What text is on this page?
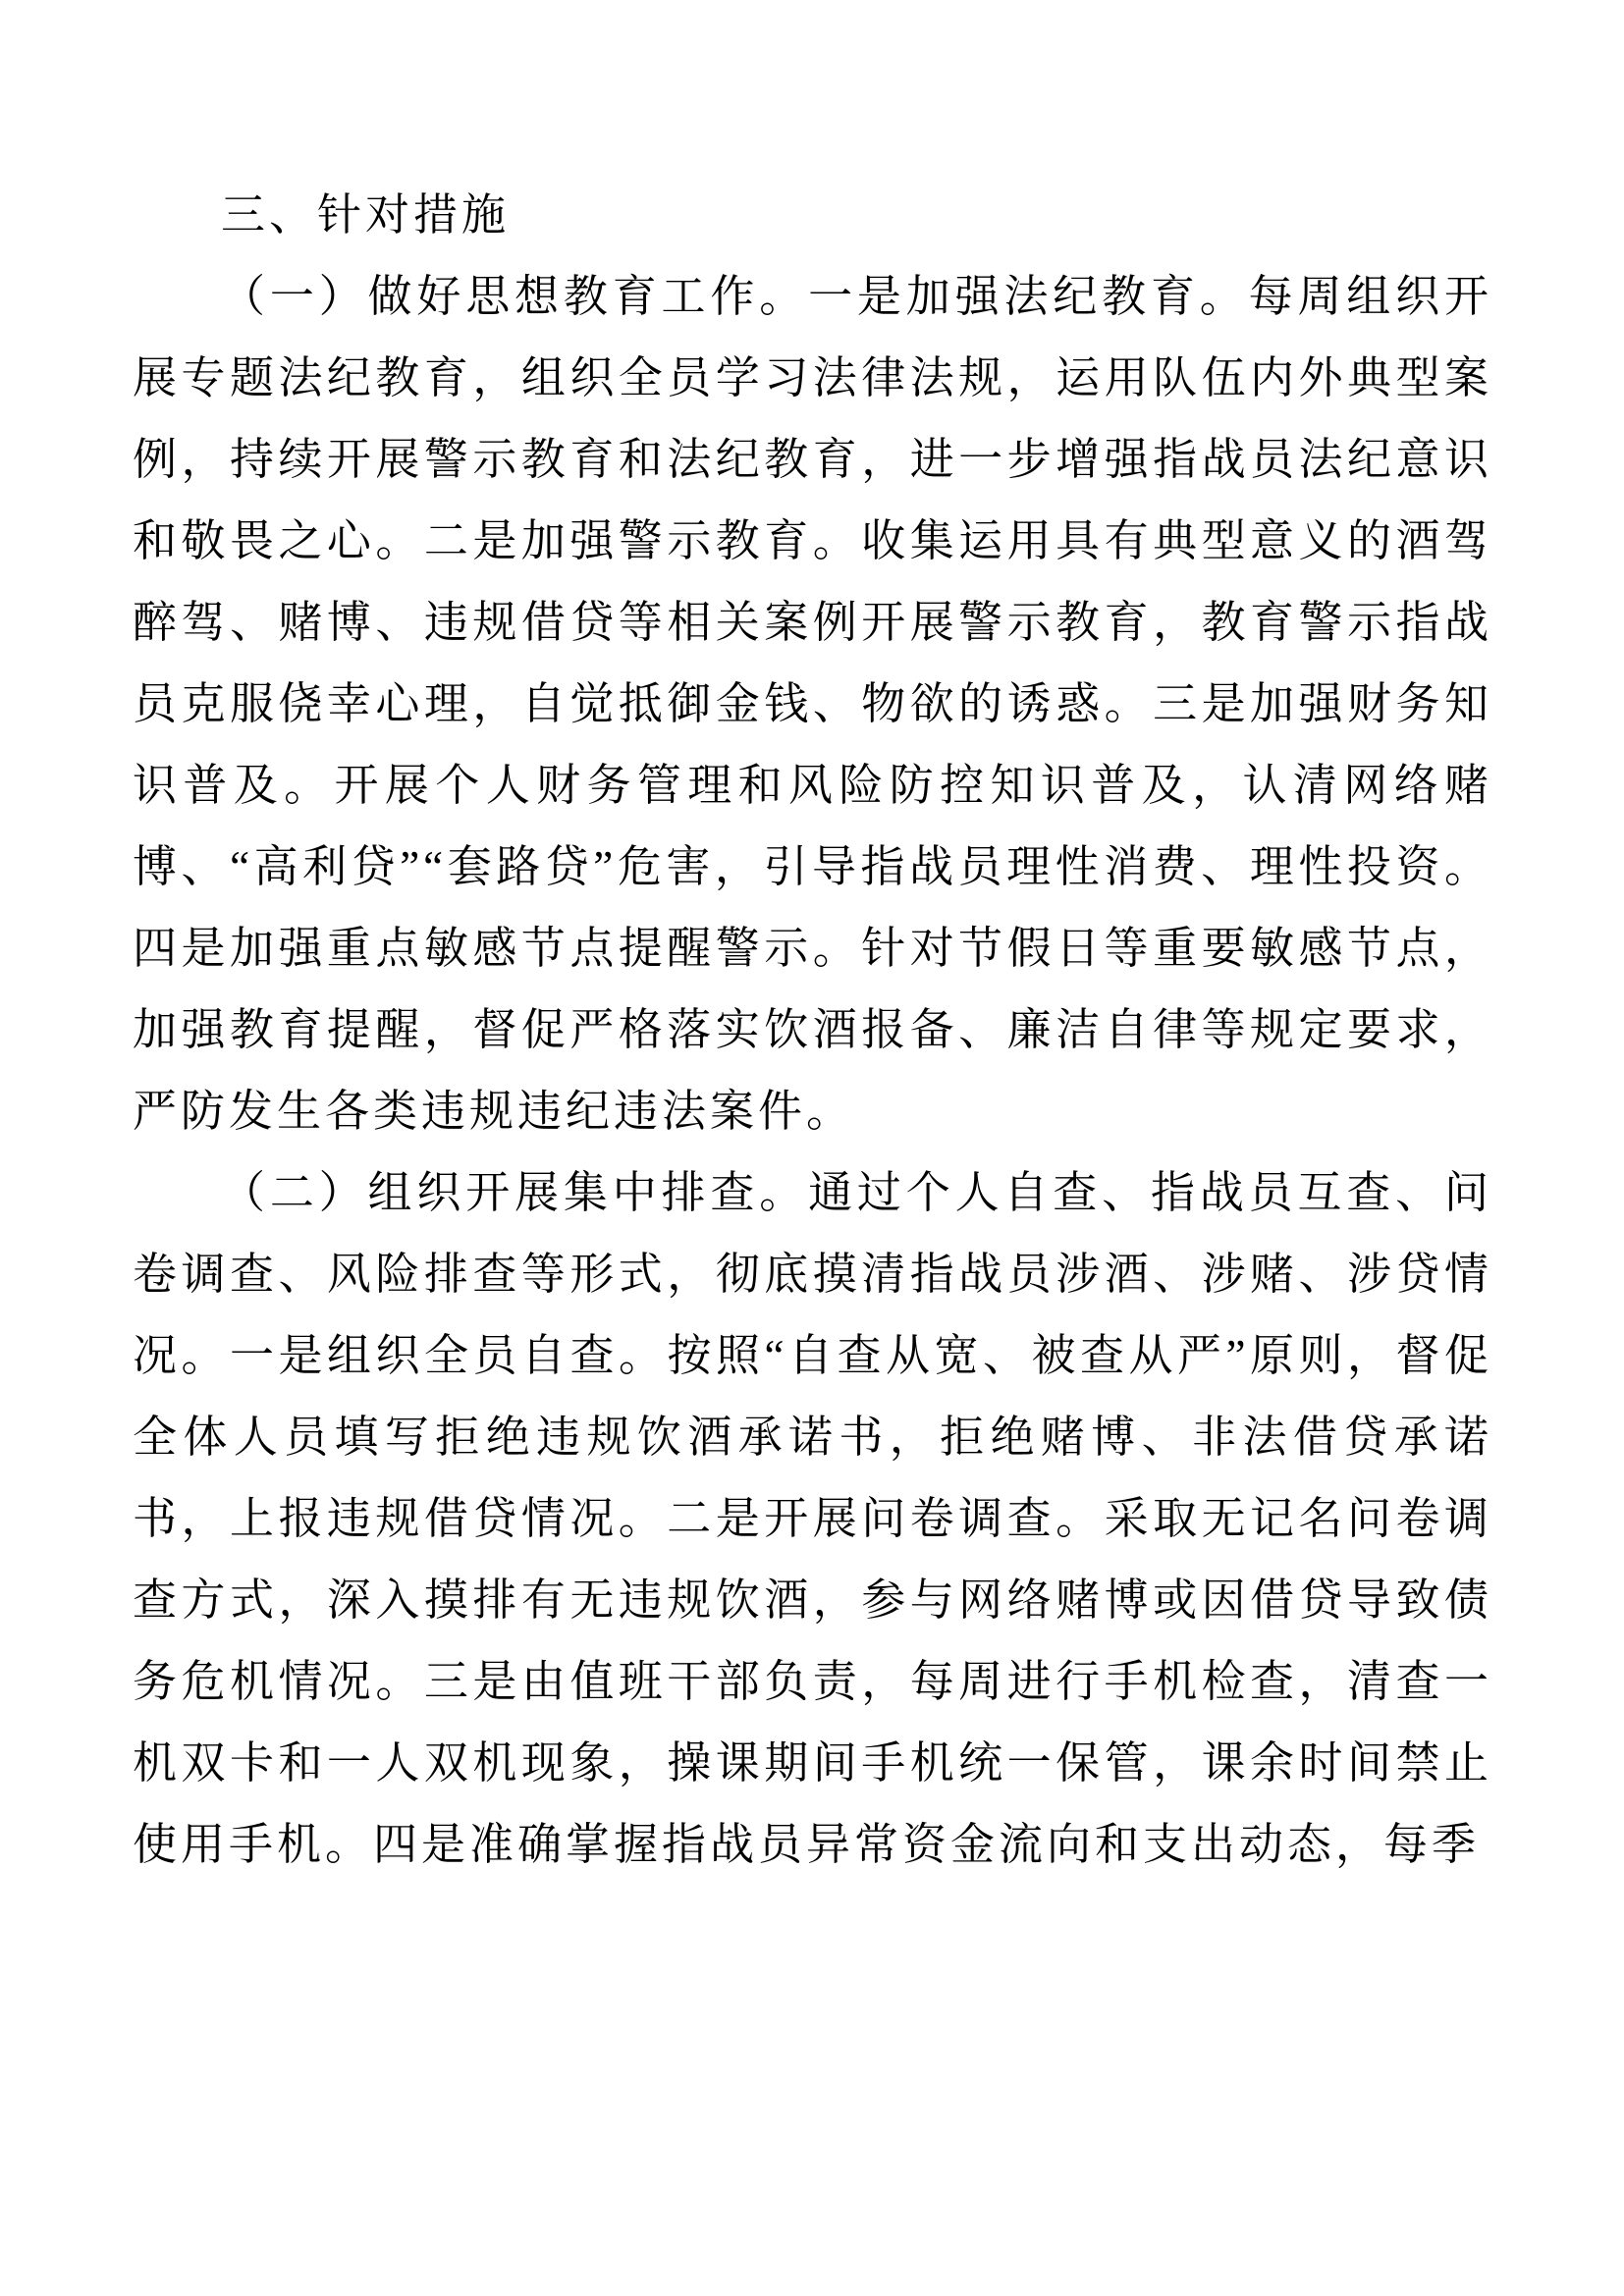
三、针对措施

（一）做好思想教育工作。一是加强法纪教育。每周组织开展专题法纪教育，组织全员学习法律法规，运用队伍内外典型案例，持续开展警示教育和法纪教育，进一步增强指战员法纪意识和敬畏之心。二是加强警示教育。收集运用具有典型意义的酒驾醉驾、赌博、违规借贷等相关案例开展警示教育，教育警示指战员克服侥幸心理，自觉抵御金钱、物欲的诱惑。三是加强财务知识普及。开展个人财务管理和风险防控知识普及，认清网络赌博、“高利贷”“套路贷”危害，引导指战员理性消费、理性投资。四是加强重点敏感节点提醒警示。针对节假日等重要敏感节点，加强教育提醒，督促严格落实饮酒报备、廉洁自律等规定要求，严防发生各类违规违纪违法案件。

（二）组织开展集中排查。通过个人自查、指战员互查、问卷调查、风险排查等形式，彻底摸清指战员涉酒、涉赌、涉贷情况。一是组织全员自查。按照“自查从宽、被查从严”原则，督促全体人员填写拒绝违规饮酒承诺书，拒绝赌博、非法借贷承诺书，上报违规借贷情况。二是开展问卷调查。采取无记名问卷调查方式，深入摸排有无违规饮酒，参与网络赌博或因借贷导致债务危机情况。三是由值班干部负责，每周进行手机检查，清查一机双卡和一人双机现象，操课期间手机统一保管，课余时间禁止使用手机。四是准确掌握指战员异常资金流向和支出动态，每季
